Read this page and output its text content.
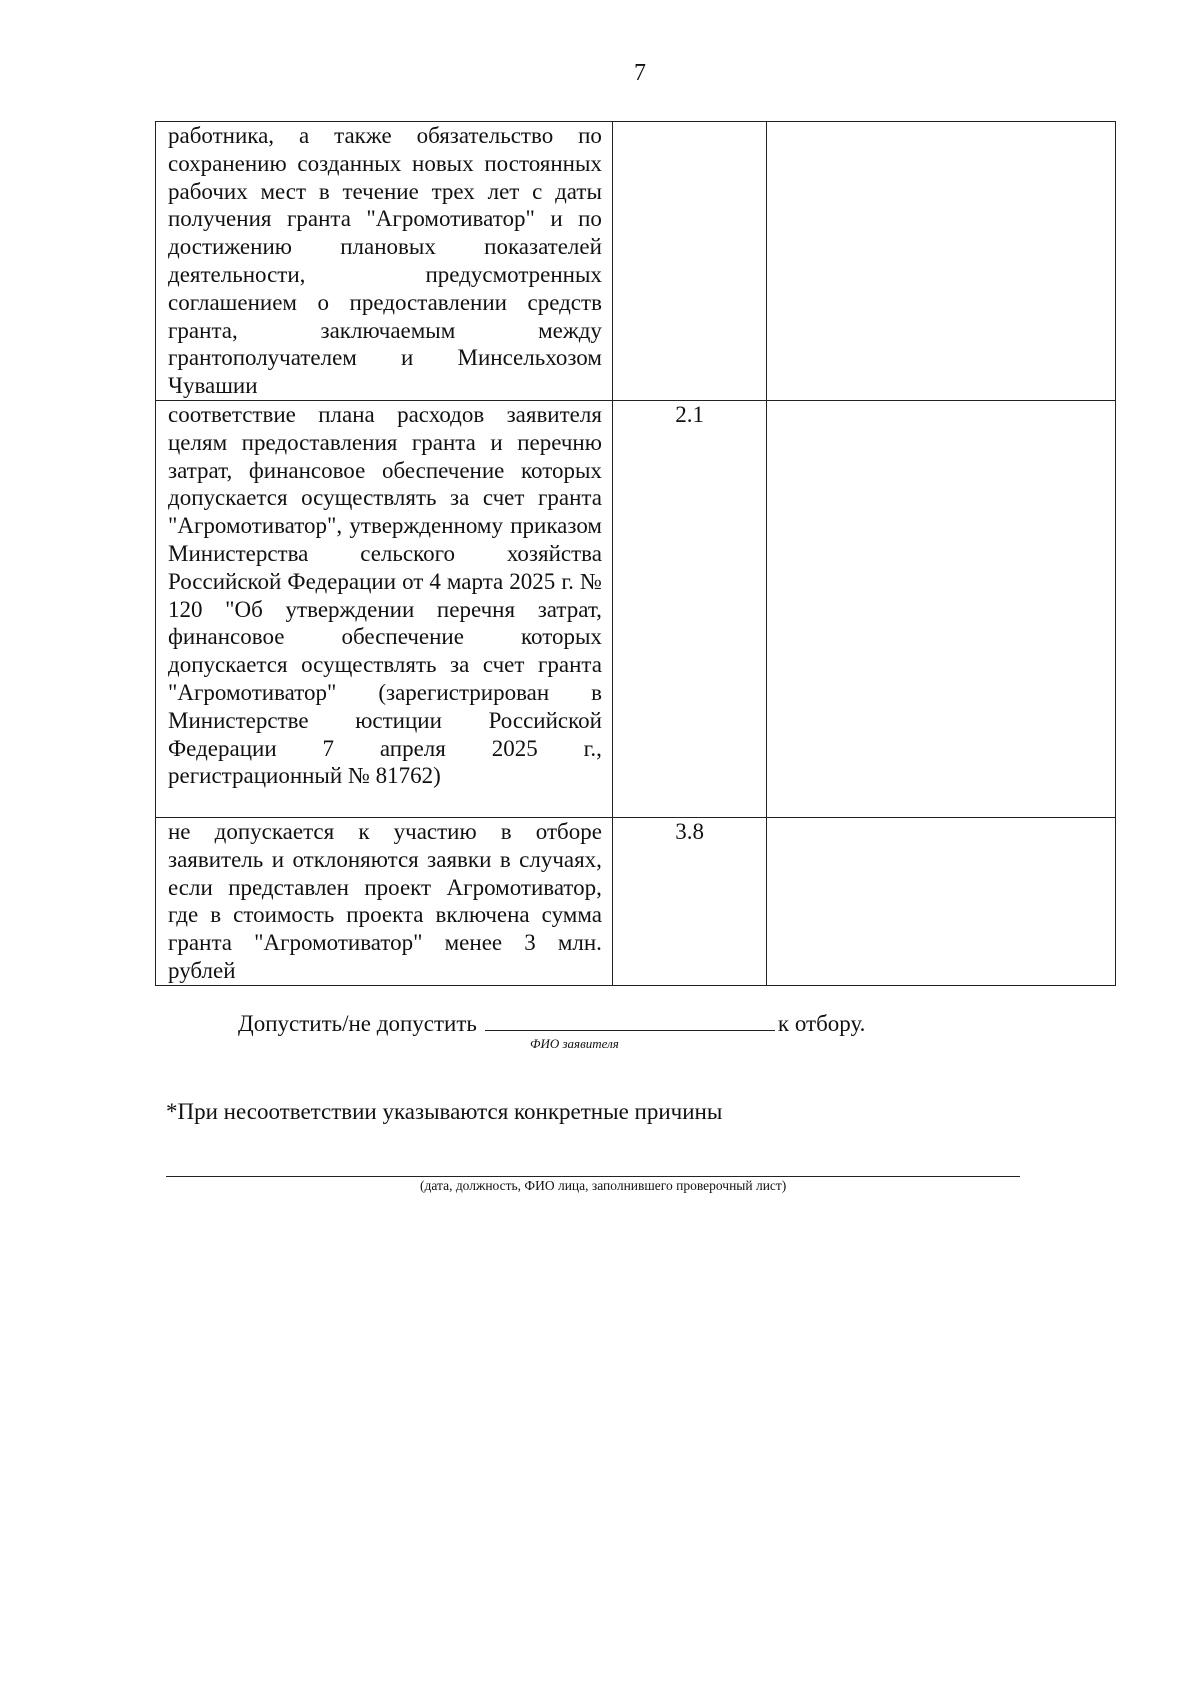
7

работника, а также обязательство по сохранению созданных новых постоянных рабочих мест в течение трех лет с даты получения гранта "Агромотиватор" и по достижению плановых показателей деятельности, предусмотренных соглашением о предоставлении средств гранта, заключаемым между грантополучателем и Минсельхозом Чувашии		

соответствие плана расходов заявителя целям предоставления гранта и перечню затрат, финансовое обеспечение которых допускается осуществлять за счет гранта "Агромотиватор", утвержденному приказом Министерства сельского хозяйства Российской Федерации от 4 марта 2025 г. № 120 "Об утверждении перечня затрат, финансовое обеспечение которых допускается осуществлять за счет гранта "Агромотиватор" (зарегистрирован в Министерстве юстиции Российской Федерации 7 апреля 2025 г., регистрационный № 81762)	2.1	

не допускается к участию в отборе заявитель и отклоняются заявки в случаях, если представлен проект Агромотиватор, где в стоимость проекта включена сумма гранта "Агромотиватор" менее 3 млн. рублей	3.8	

Допустить/не допустить	к отбору.
ФИО заявителя
*При несоответствии указываются конкретные причины
(дата, должность, ФИО лица, заполнившего проверочный лист)
